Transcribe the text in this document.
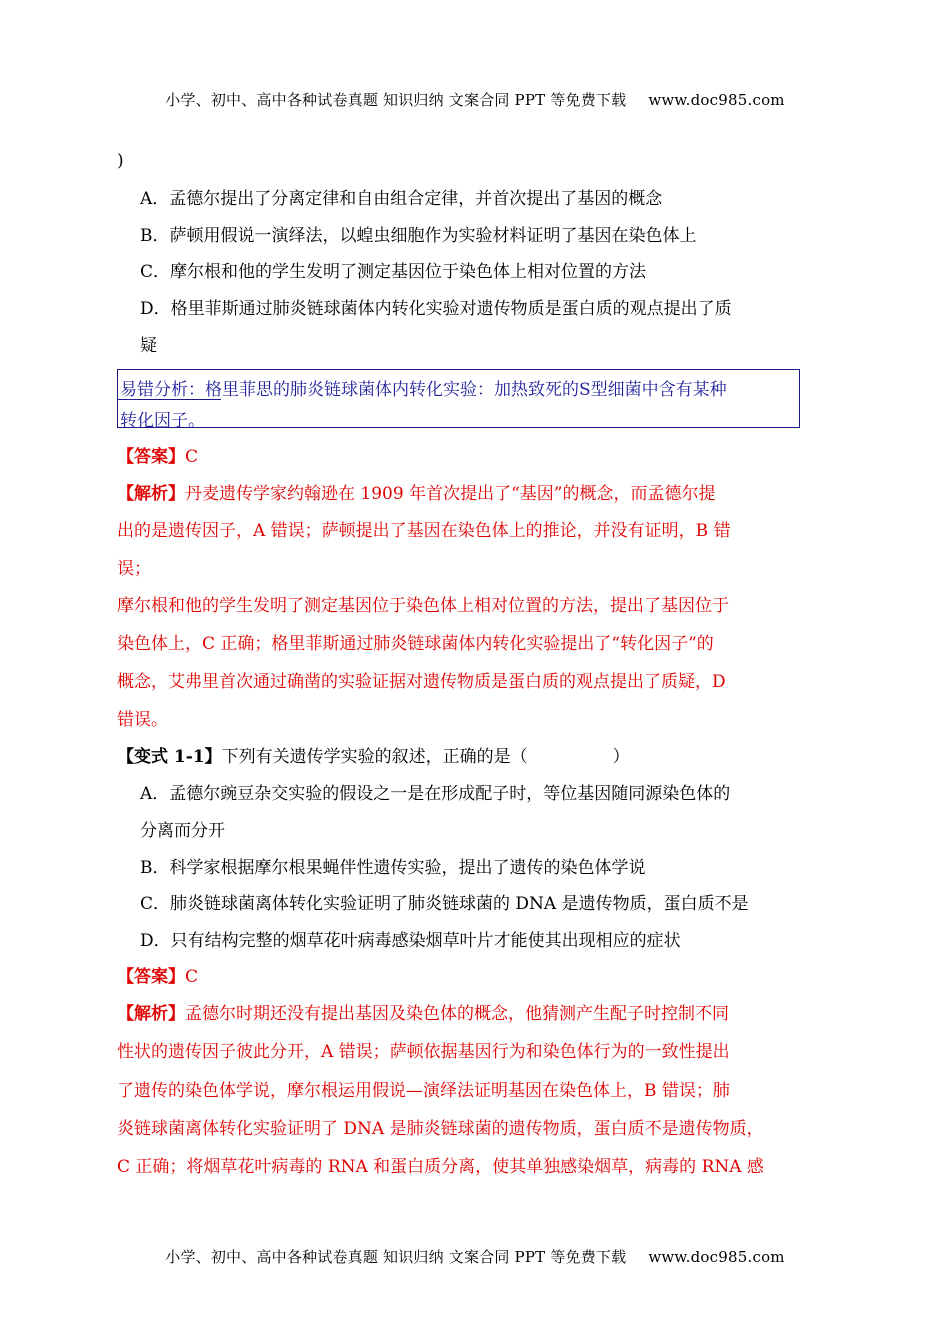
小学、初中、高中各种试卷真题 知识归纳 文案合同 PPT 等免费下载 www.doc985.com
)
A．孟德尔提出了分离定律和自由组合定律，并首次提出了基因的概念
B．萨顿用假说一演绎法，以蝗虫细胞作为实验材料证明了基因在染色体上
C．摩尔根和他的学生发明了测定基因位于染色体上相对位置的方法
D．格里菲斯通过肺炎链球菌体内转化实验对遗传物质是蛋白质的观点提出了质
疑
易错分析：格里菲思的肺炎链球菌体内转化实验：加热致死的S型细菌中含有某种
转化因子。
【答案】C
【解析】丹麦遗传学家约翰逊在 1909 年首次提出了“基因”的概念，而孟德尔提
出的是遗传因子，A 错误；萨顿提出了基因在染色体上的推论，并没有证明，B 错
误；
摩尔根和他的学生发明了测定基因位于染色体上相对位置的方法，提出了基因位于
染色体上，C 正确；格里菲斯通过肺炎链球菌体内转化实验提出了“转化因子”的
概念，艾弗里首次通过确凿的实验证据对遗传物质是蛋白质的观点提出了质疑，D
错误。
【变式 1-1】下列有关遗传学实验的叙述，正确的是（　　　　　）
A．孟德尔豌豆杂交实验的假设之一是在形成配子时，等位基因随同源染色体的
分离而分开
B．科学家根据摩尔根果蝇伴性遗传实验，提出了遗传的染色体学说
C．肺炎链球菌离体转化实验证明了肺炎链球菌的 DNA 是遗传物质，蛋白质不是
D．只有结构完整的烟草花叶病毒感染烟草叶片才能使其出现相应的症状
【答案】C
【解析】孟德尔时期还没有提出基因及染色体的概念，他猜测产生配子时控制不同
性状的遗传因子彼此分开，A 错误；萨顿依据基因行为和染色体行为的一致性提出
了遗传的染色体学说，摩尔根运用假说—演绎法证明基因在染色体上，B 错误；肺
炎链球菌离体转化实验证明了 DNA 是肺炎链球菌的遗传物质，蛋白质不是遗传物质，
C 正确；将烟草花叶病毒的 RNA 和蛋白质分离，使其单独感染烟草，病毒的 RNA 感
小学、初中、高中各种试卷真题 知识归纳 文案合同 PPT 等免费下载 www.doc985.com
